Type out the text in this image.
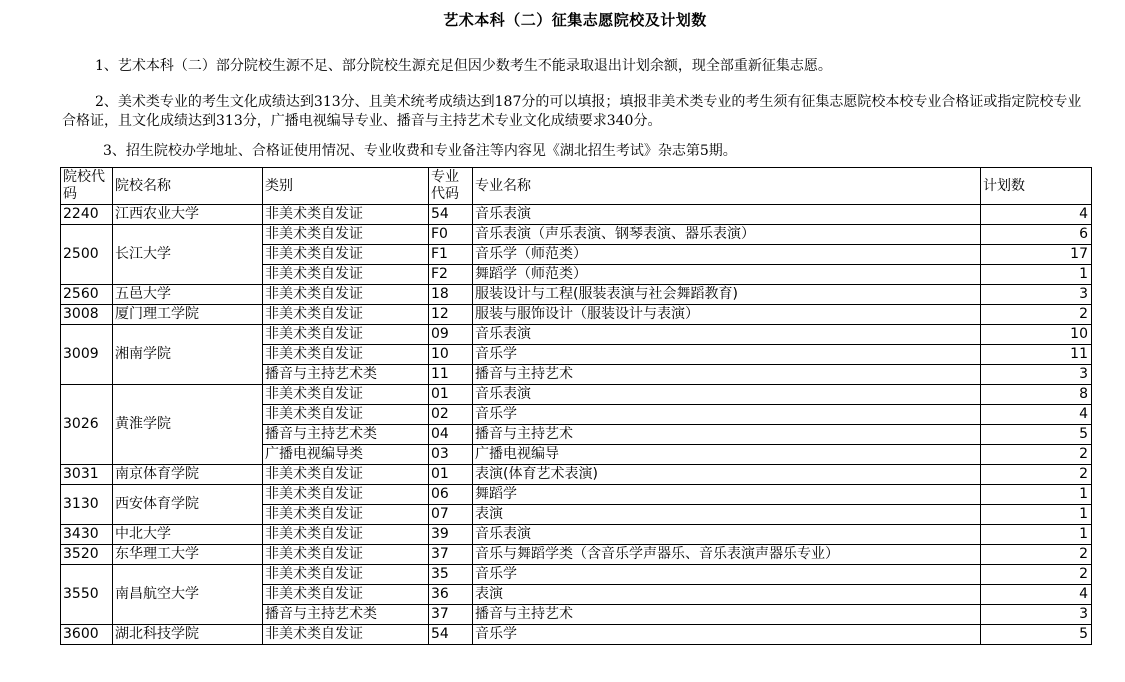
艺术本科（二）征集志愿院校及计划数
1、艺术本科（二）部分院校生源不足、部分院校生源充足但因少数考生不能录取退出计划余额，现全部重新征集志愿。
2、美术类专业的考生文化成绩达到313分、且美术统考成绩达到187分的可以填报；填报非美术类专业的考生须有征集志愿院校本校专业合格证或指定院校专业合格证，且文化成绩达到313分，广播电视编导专业、播音与主持艺术专业文化成绩要求340分。
3、招生院校办学地址、合格证使用情况、专业收费和专业备注等内容见《湖北招生考试》杂志第5期。
院校代码	院校名称	类别	专业代码	专业名称	计划数
2240	江西农业大学	非美术类自发证	54	音乐表演	4
2500	长江大学	非美术类自发证	F0	音乐表演（声乐表演、钢琴表演、器乐表演）	6
		非美术类自发证	F1	音乐学（师范类）	17
		非美术类自发证	F2	舞蹈学（师范类）	1
2560	五邑大学	非美术类自发证	18	服装设计与工程(服装表演与社会舞蹈教育)	3
3008	厦门理工学院	非美术类自发证	12	服装与服饰设计（服装设计与表演）	2
3009	湘南学院	非美术类自发证	09	音乐表演	10
		非美术类自发证	10	音乐学	11
		播音与主持艺术类	11	播音与主持艺术	3
3026	黄淮学院	非美术类自发证	01	音乐表演	8
		非美术类自发证	02	音乐学	4
		播音与主持艺术类	04	播音与主持艺术	5
		广播电视编导类	03	广播电视编导	2
3031	南京体育学院	非美术类自发证	01	表演(体育艺术表演)	2
3130	西安体育学院	非美术类自发证	06	舞蹈学	1
		非美术类自发证	07	表演	1
3430	中北大学	非美术类自发证	39	音乐表演	1
3520	东华理工大学	非美术类自发证	37	音乐与舞蹈学类（含音乐学声器乐、音乐表演声器乐专业）	2
3550	南昌航空大学	非美术类自发证	35	音乐学	2
		非美术类自发证	36	表演	4
		播音与主持艺术类	37	播音与主持艺术	3
3600	湖北科技学院	非美术类自发证	54	音乐学	5
